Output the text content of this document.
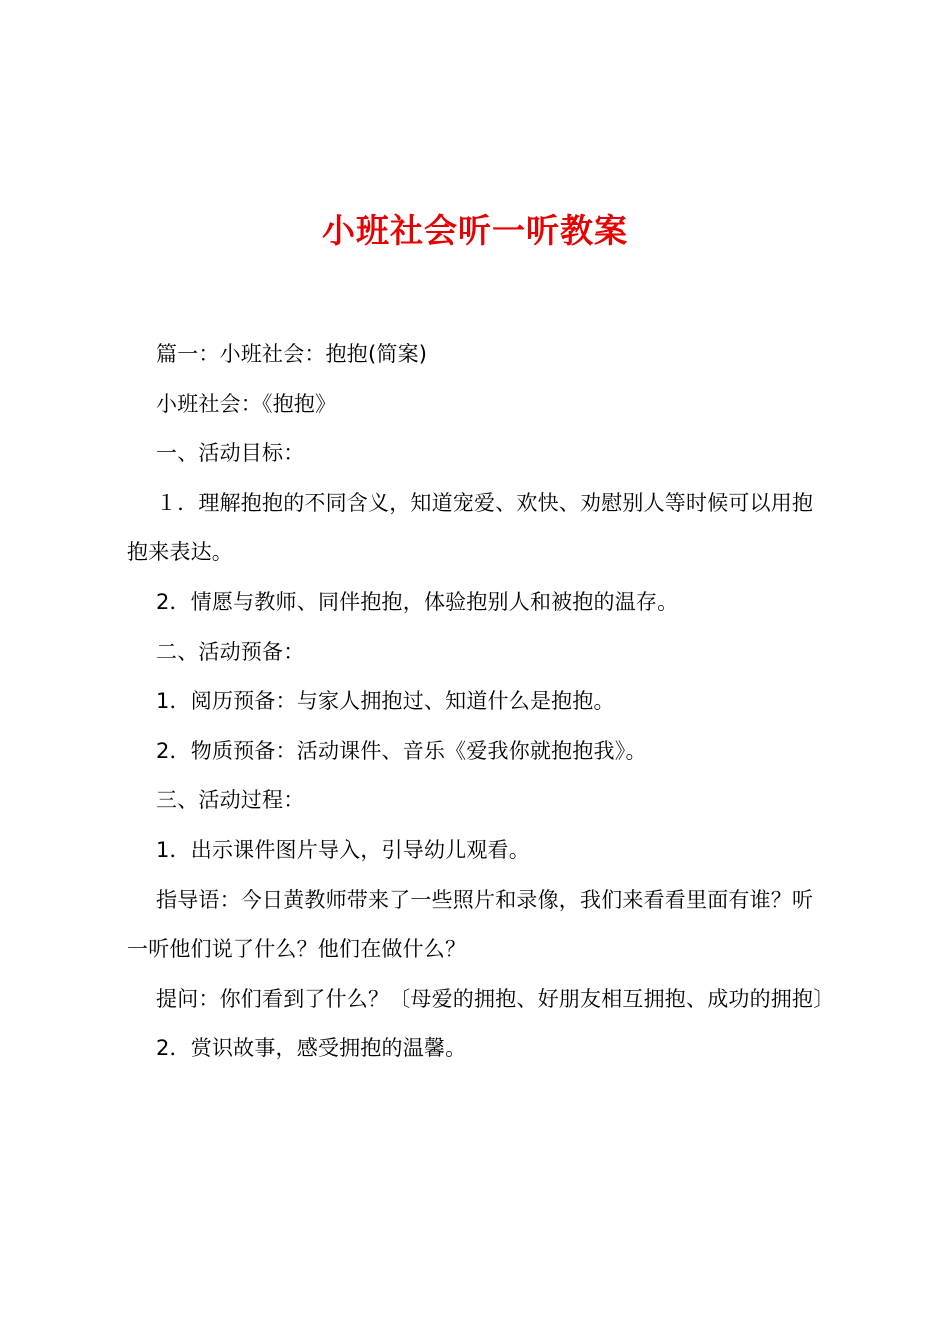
小班社会听一听教案

篇一：小班社会：抱抱(简案)

小班社会：《抱抱》

一、活动目标：

１．理解抱抱的不同含义，知道宠爱、欢快、劝慰别人等时候可以用抱抱来表达。

2．情愿与教师、同伴抱抱，体验抱别人和被抱的温存。

二、活动预备：

1．阅历预备：与家人拥抱过、知道什么是抱抱。

2．物质预备：活动课件、音乐《爱我你就抱抱我》。

三、活动过程：

1．出示课件图片导入，引导幼儿观看。

指导语：今日黄教师带来了一些照片和录像，我们来看看里面有谁？听一听他们说了什么？他们在做什么？

提问：你们看到了什么？〔母爱的拥抱、好朋友相互拥抱、成功的拥抱〕

2．赏识故事，感受拥抱的温馨。
